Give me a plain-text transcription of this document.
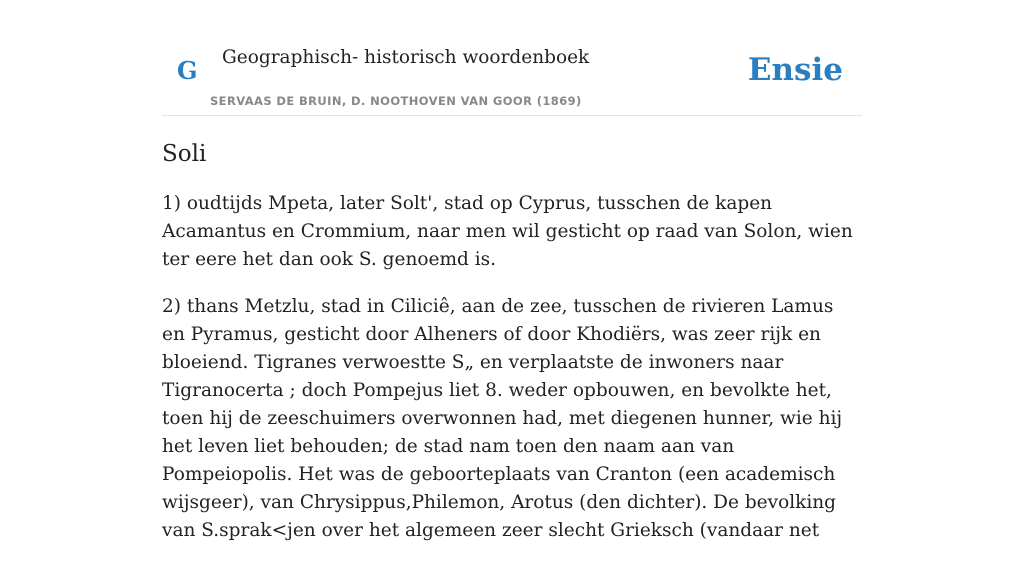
G Geographisch- historisch woordenboek
SERVAAS DE BRUIN, D. NOOTHOVEN VAN GOOR (1869)
Ensie
Soli

1) oudtijds Mpeta, later Solt', stad op Cyprus, tusschen de kapen Acamantus en Crommium, naar men wil gesticht op raad van Solon, wien ter eere het dan ook S. genoemd is.

2) thans Metzlu, stad in Ciliciê, aan de zee, tusschen de rivieren Lamus en Pyramus, gesticht door Alheners of door Khodiërs, was zeer rijk en bloeiend. Tigranes verwoestte S„ en verplaatste de inwoners naar Tigranocerta ; doch Pompejus liet 8. weder opbouwen, en bevolkte het, toen hij de zeeschuimers overwonnen had, met diegenen hunner, wie hij het leven liet behouden; de stad nam toen den naam aan van Pompeiopolis. Het was de geboorteplaats van Cranton (een academisch wijsgeer), van Chrysippus,Philemon, Arotus (den dichter). De bevolking van S.sprak<jen over het algemeen zeer slecht Grieksch (vandaar net
